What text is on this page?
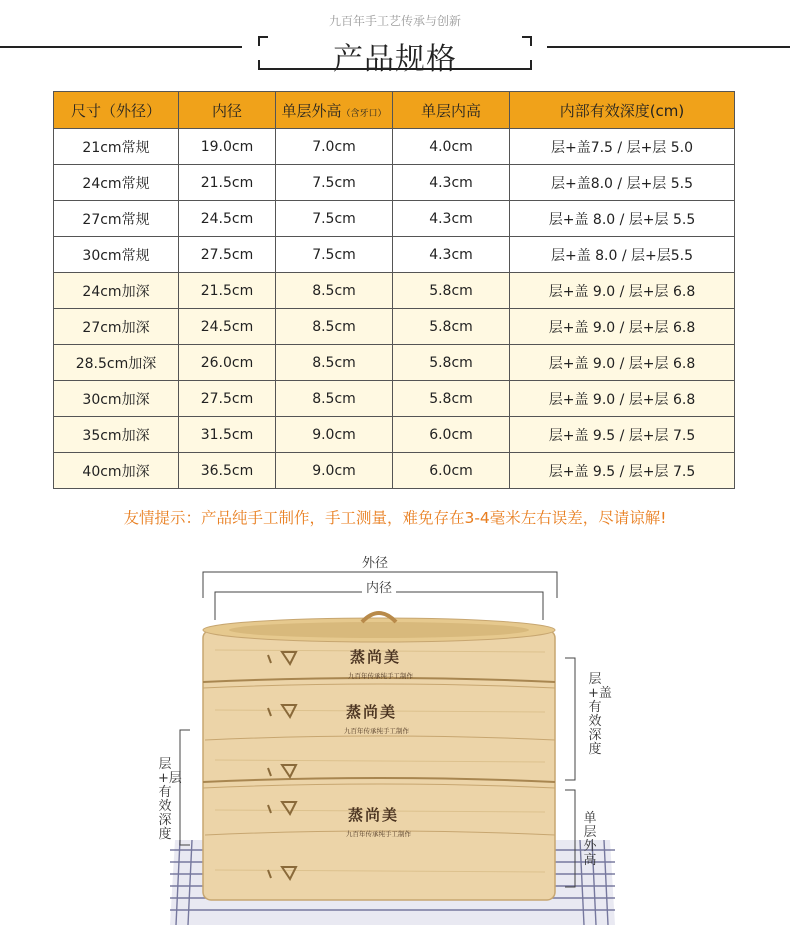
九百年手工艺传承与创新
产品规格
尺寸（外径）	内径	单层外高（含牙口）	单层内高	内部有效深度(cm)
21cm常规	19.0cm	7.0cm	4.0cm	层+盖7.5 / 层+层 5.0
24cm常规	21.5cm	7.5cm	4.3cm	层+盖8.0 / 层+层 5.5
27cm常规	24.5cm	7.5cm	4.3cm	层+盖 8.0 / 层+层 5.5
30cm常规	27.5cm	7.5cm	4.3cm	层+盖 8.0 / 层+层5.5
24cm加深	21.5cm	8.5cm	5.8cm	层+盖 9.0 / 层+层 6.8
27cm加深	24.5cm	8.5cm	5.8cm	层+盖 9.0 / 层+层 6.8
28.5cm加深	26.0cm	8.5cm	5.8cm	层+盖 9.0 / 层+层 6.8
30cm加深	27.5cm	8.5cm	5.8cm	层+盖 9.0 / 层+层 6.8
35cm加深	31.5cm	9.0cm	6.0cm	层+盖 9.5 / 层+层 7.5
40cm加深	36.5cm	9.0cm	6.0cm	层+盖 9.5 / 层+层 7.5
友情提示：产品纯手工制作，手工测量，难免存在3-4毫米左右误差，尽请谅解!
外径
内径
层+盖有效深度
层+层有效深度
单层外高
蒸尚美
九百年传承纯手工制作
蒸尚美
九百年传承纯手工制作
蒸尚美
九百年传承纯手工制作
